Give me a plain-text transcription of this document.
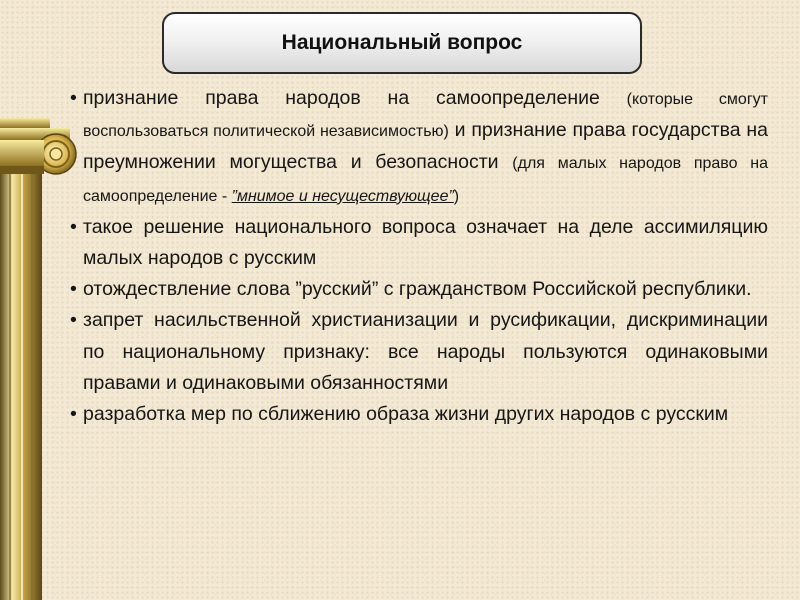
Национальный вопрос

• признание права народов на самоопределение (которые смогут воспользоваться политической независимостью) и признание права государства на преумножении могущества и безопасности (для малых народов право на самоопределение - ”мнимое и несуществующее”)

• такое решение национального вопроса означает на деле ассимиляцию малых народов с русским

• отождествление слова ”русский” с гражданством Российской республики.

• запрет насильственной христианизации и русификации, дискриминации по национальному признаку: все народы пользуются одинаковыми правами и одинаковыми обязанностями

• разработка мер по сближению образа жизни других народов с русским
